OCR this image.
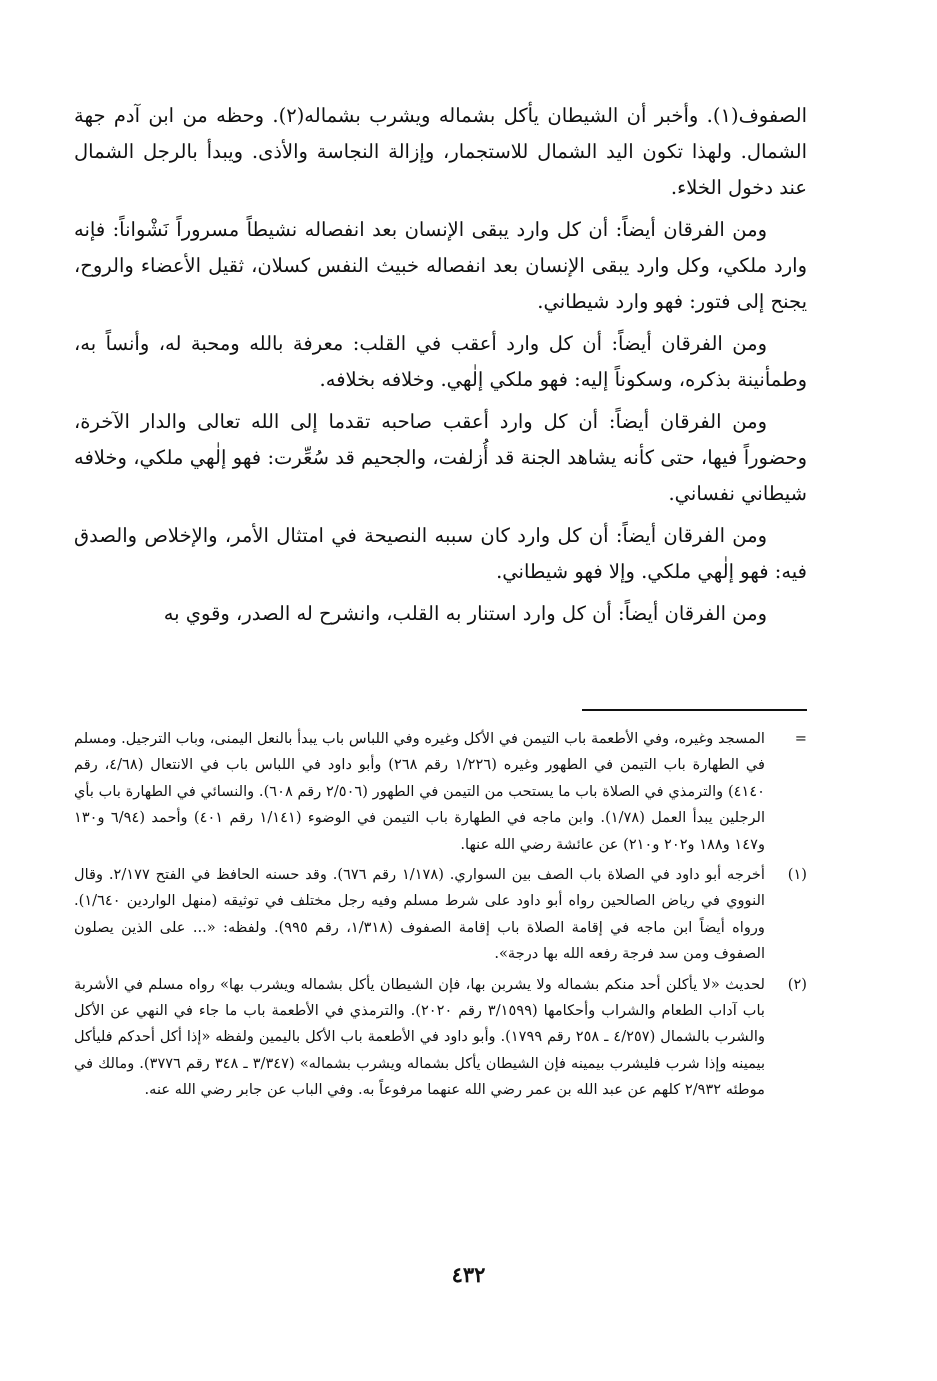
الصفوف(١). وأخبر أن الشيطان يأكل بشماله ويشرب بشماله(٢). وحظه من ابن آدم جهة الشمال. ولهذا تكون اليد الشمال للاستجمار، وإزالة النجاسة والأذى. ويبدأ بالرجل الشمال عند دخول الخلاء.

ومن الفرقان أيضاً: أن كل وارد يبقى الإنسان بعد انفصاله نشيطاً مسروراً نَشْواناً: فإنه وارد ملكي، وكل وارد يبقى الإنسان بعد انفصاله خبيث النفس كسلان، ثقيل الأعضاء والروح، يجنح إلى فتور: فهو وارد شيطاني.

ومن الفرقان أيضاً: أن كل وارد أعقب في القلب: معرفة بالله ومحبة له، وأنساً به، وطمأنينة بذكره، وسكوناً إليه: فهو ملكي إلٰهي. وخلافه بخلافه.

ومن الفرقان أيضاً: أن كل وارد أعقب صاحبه تقدما إلى الله تعالى والدار الآخرة، وحضوراً فيها، حتى كأنه يشاهد الجنة قد أُزلفت، والجحيم قد سُعِّرت: فهو إلٰهي ملكي، وخلافه شيطاني نفساني.

ومن الفرقان أيضاً: أن كل وارد كان سببه النصيحة في امتثال الأمر، والإخلاص والصدق فيه: فهو إلٰهي ملكي. وإلا فهو شيطاني.

ومن الفرقان أيضاً: أن كل وارد استنار به القلب، وانشرح له الصدر، وقوي به

=
المسجد وغيره، وفي الأطعمة باب التيمن في الأكل وغيره وفي اللباس باب يبدأ بالنعل اليمنى، وباب الترجيل. ومسلم في الطهارة باب التيمن في الطهور وغيره (١/٢٢٦ رقم ٢٦٨) وأبو داود في اللباس باب في الانتعال (٤/٦٨، رقم ٤١٤٠) والترمذي في الصلاة باب ما يستحب من التيمن في الطهور (٢/٥٠٦ رقم ٦٠٨). والنسائي في الطهارة باب بأي الرجلين يبدأ العمل (١/٧٨). وابن ماجه في الطهارة باب التيمن في الوضوء (١/١٤١ رقم ٤٠١) وأحمد (٦/٩٤ و١٣٠ و١٤٧ و١٨٨ و٢٠٢ و٢١٠) عن عائشة رضي الله عنها.
(١)
أخرجه أبو داود في الصلاة باب الصف بين السواري. (١/١٧٨ رقم ٦٧٦). وقد حسنه الحافظ في الفتح ٢/١٧٧. وقال النووي في رياض الصالحين رواه أبو داود على شرط مسلم وفيه رجل مختلف في توثيقه (منهل الواردين ١/٦٤٠). ورواه أيضاً ابن ماجه في إقامة الصلاة باب إقامة الصفوف (١/٣١٨، رقم ٩٩٥). ولفظه: «... على الذين يصلون الصفوف ومن سد فرجة رفعه الله بها درجة».
(٢)
لحديث «لا يأكلن أحد منكم بشماله ولا يشربن بها، فإن الشيطان يأكل بشماله ويشرب بها» رواه مسلم في الأشربة باب آداب الطعام والشراب وأحكامها (٣/١٥٩٩ رقم ٢٠٢٠). والترمذي في الأطعمة باب ما جاء في النهي عن الأكل والشرب بالشمال (٤/٢٥٧ ـ ٢٥٨ رقم ١٧٩٩). وأبو داود في الأطعمة باب الأكل باليمين ولفظه «إذا أكل أحدكم فليأكل بيمينه وإذا شرب فليشرب بيمينه فإن الشيطان يأكل بشماله ويشرب بشماله» (٣/٣٤٧ ـ ٣٤٨ رقم ٣٧٧٦). ومالك في موطئه ٢/٩٣٢ كلهم عن عبد الله بن عمر رضي الله عنهما مرفوعاً به. وفي الباب عن جابر رضي الله عنه.
٤٣٢
